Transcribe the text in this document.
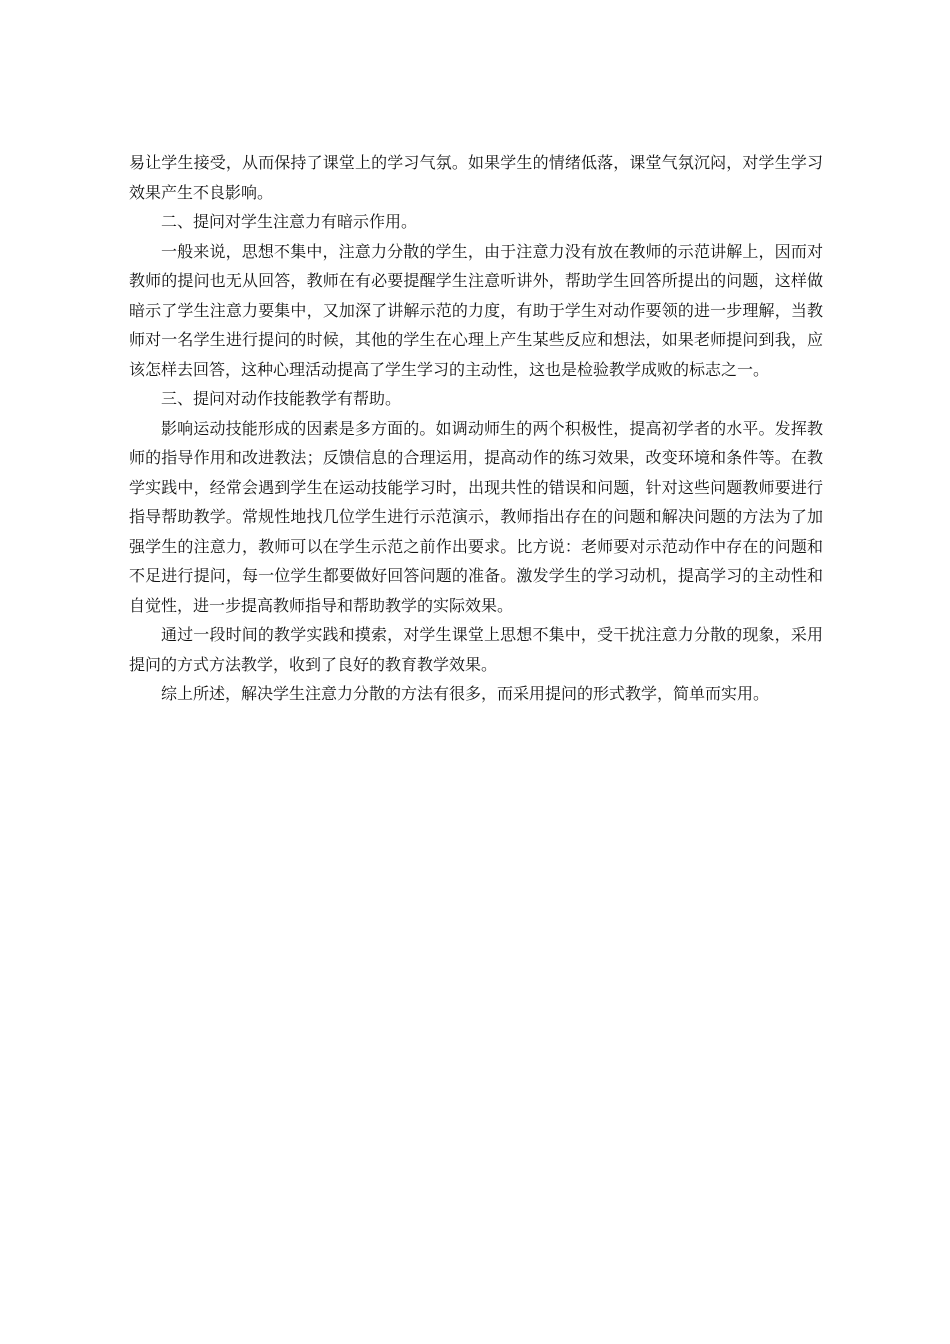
易让学生接受，从而保持了课堂上的学习气氛。如果学生的情绪低落，课堂气氛沉闷，对学生学习效果产生不良影响。

二、提问对学生注意力有暗示作用。

一般来说，思想不集中，注意力分散的学生，由于注意力没有放在教师的示范讲解上，因而对教师的提问也无从回答，教师在有必要提醒学生注意听讲外，帮助学生回答所提出的问题，这样做暗示了学生注意力要集中，又加深了讲解示范的力度，有助于学生对动作要领的进一步理解，当教师对一名学生进行提问的时候，其他的学生在心理上产生某些反应和想法，如果老师提问到我，应该怎样去回答，这种心理活动提高了学生学习的主动性，这也是检验教学成败的标志之一。

三、提问对动作技能教学有帮助。

影响运动技能形成的因素是多方面的。如调动师生的两个积极性，提高初学者的水平。发挥教师的指导作用和改进教法；反馈信息的合理运用，提高动作的练习效果，改变环境和条件等。在教学实践中，经常会遇到学生在运动技能学习时，出现共性的错误和问题，针对这些问题教师要进行指导帮助教学。常规性地找几位学生进行示范演示，教师指出存在的问题和解决问题的方法为了加强学生的注意力，教师可以在学生示范之前作出要求。比方说：老师要对示范动作中存在的问题和不足进行提问，每一位学生都要做好回答问题的准备。激发学生的学习动机，提高学习的主动性和自觉性，进一步提高教师指导和帮助教学的实际效果。

通过一段时间的教学实践和摸索，对学生课堂上思想不集中，受干扰注意力分散的现象，采用提问的方式方法教学，收到了良好的教育教学效果。

综上所述，解决学生注意力分散的方法有很多，而采用提问的形式教学，简单而实用。
